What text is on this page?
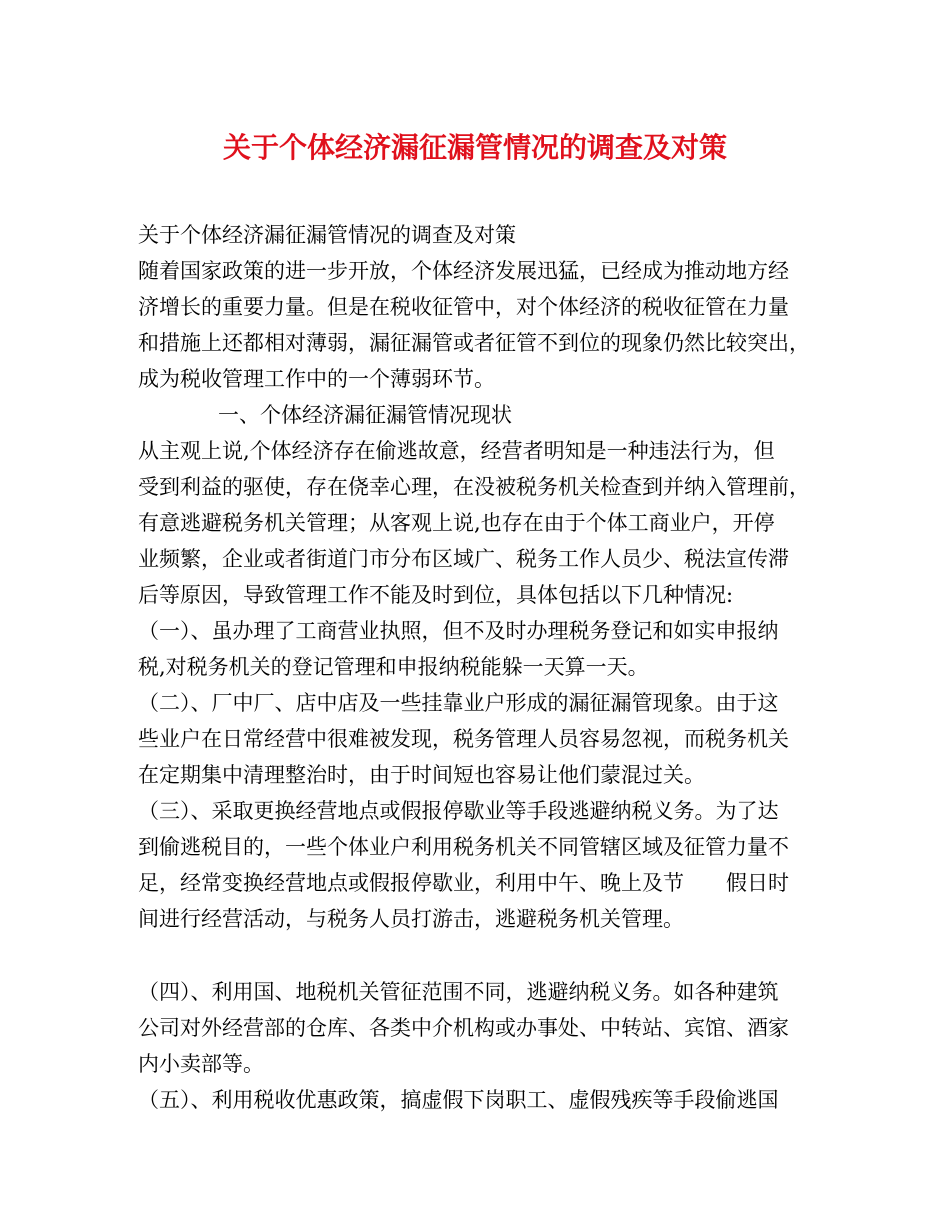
关于个体经济漏征漏管情况的调查及对策
关于个体经济漏征漏管情况的调查及对策
随着国家政策的进一步开放，个体经济发展迅猛，已经成为推动地方经
济增长的重要力量。但是在税收征管中，对个体经济的税收征管在力量
和措施上还都相对薄弱，漏征漏管或者征管不到位的现象仍然比较突出，
成为税收管理工作中的一个薄弱环节。
一、个体经济漏征漏管情况现状
从主观上说,个体经济存在偷逃故意，经营者明知是一种违法行为，但
受到利益的驱使，存在侥幸心理，在没被税务机关检查到并纳入管理前，
有意逃避税务机关管理；从客观上说,也存在由于个体工商业户，开停
业频繁，企业或者街道门市分布区域广、税务工作人员少、税法宣传滞
后等原因，导致管理工作不能及时到位，具体包括以下几种情况:
（一）、虽办理了工商营业执照，但不及时办理税务登记和如实申报纳
税,对税务机关的登记管理和申报纳税能躲一天算一天。
（二）、厂中厂、店中店及一些挂靠业户形成的漏征漏管现象。由于这
些业户在日常经营中很难被发现，税务管理人员容易忽视，而税务机关
在定期集中清理整治时，由于时间短也容易让他们蒙混过关。
（三）、采取更换经营地点或假报停歇业等手段逃避纳税义务。为了达
到偷逃税目的，一些个体业户利用税务机关不同管辖区域及征管力量不
足，经常变换经营地点或假报停歇业，利用中午、晚上及节　　假日时
间进行经营活动，与税务人员打游击，逃避税务机关管理。
（四）、利用国、地税机关管征范围不同，逃避纳税义务。如各种建筑
公司对外经营部的仓库、各类中介机构或办事处、中转站、宾馆、酒家
内小卖部等。
（五）、利用税收优惠政策，搞虚假下岗职工、虚假残疾等手段偷逃国
